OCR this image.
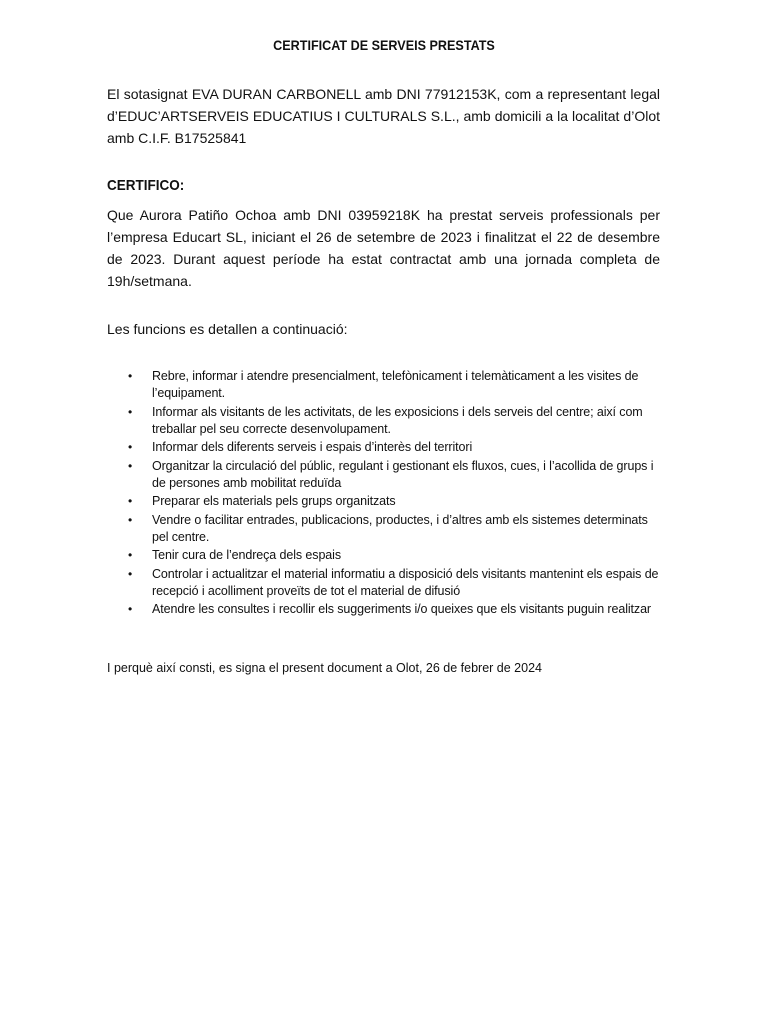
CERTIFICAT DE SERVEIS PRESTATS
El sotasignat EVA DURAN CARBONELL amb DNI 77912153K, com a representant legal d’EDUC’ARTSERVEIS EDUCATIUS I CULTURALS S.L., amb domicili a la localitat d’Olot amb C.I.F. B17525841
CERTIFICO:
Que Aurora Patiño Ochoa amb DNI 03959218K ha prestat serveis professionals per l’empresa Educart SL, iniciant el 26 de setembre de 2023 i finalitzat el 22 de desembre de 2023. Durant aquest període ha estat contractat amb una jornada completa de 19h/setmana.
Les funcions es detallen a continuació:
• Rebre, informar i atendre presencialment, telefònicament i telemàticament a les visites de l’equipament.
• Informar als visitants de les activitats, de les exposicions i dels serveis del centre; així com treballar pel seu correcte desenvolupament.
• Informar dels diferents serveis i espais d’interès del territori
• Organitzar la circulació del públic, regulant i gestionant els fluxos, cues, i l’acollida de grups i de persones amb mobilitat reduïda
• Preparar els materials pels grups organitzats
• Vendre o facilitar entrades, publicacions, productes, i d’altres amb els sistemes determinats pel centre.
• Tenir cura de l’endreça dels espais
• Controlar i actualitzar el material informatiu a disposició dels visitants mantenint els espais de recepció i acolliment proveïts de tot el material de difusió
• Atendre les consultes i recollir els suggeriments i/o queixes que els visitants puguin realitzar
I perquè així consti, es signa el present document a Olot, 26 de febrer de 2024
